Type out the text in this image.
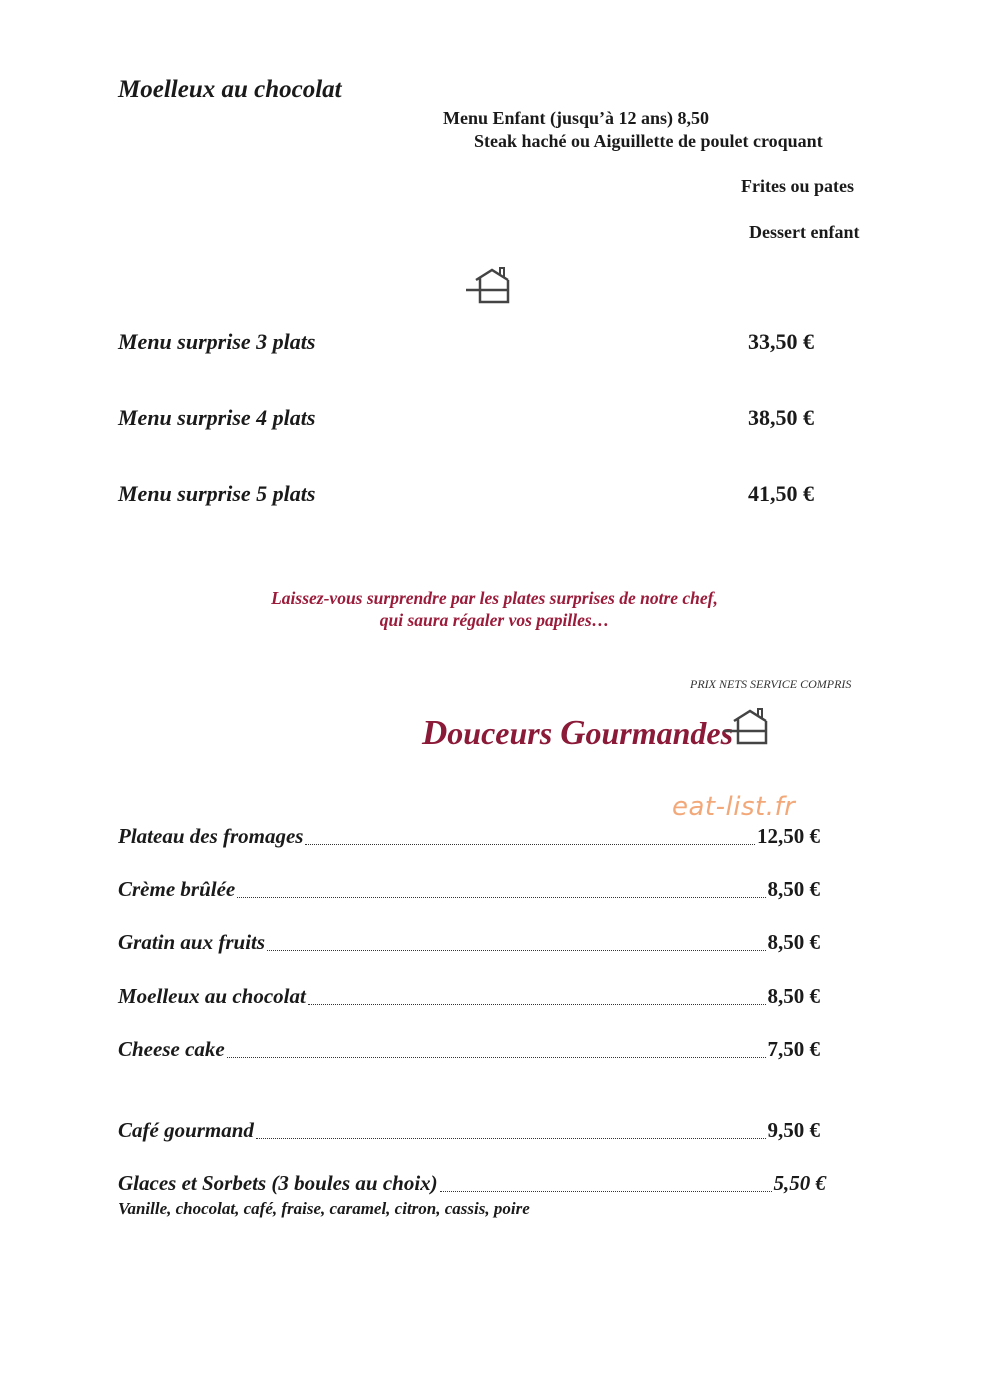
Moelleux au chocolat
Menu Enfant (jusqu’à 12 ans) 8,50
Steak haché ou Aiguillette de poulet croquant
Frites ou pates
Dessert enfant
Menu surprise 3 plats	33,50 €
Menu surprise 4 plats	38,50 €
Menu surprise 5 plats	41,50 €
Laissez-vous surprendre par les plates surprises de notre chef,
qui saura régaler vos papilles…
PRIX NETS SERVICE COMPRIS
Douceurs Gourmandes
eat-list.fr
Plateau des fromages	12,50 €
Crème brûlée	8,50 €
Gratin aux fruits	8,50 €
Moelleux au chocolat	8,50 €
Cheese cake	7,50 €
Café gourmand	9,50 €
Glaces et Sorbets (3 boules au choix)	5,50 €
Vanille, chocolat, café, fraise, caramel, citron, cassis, poire
